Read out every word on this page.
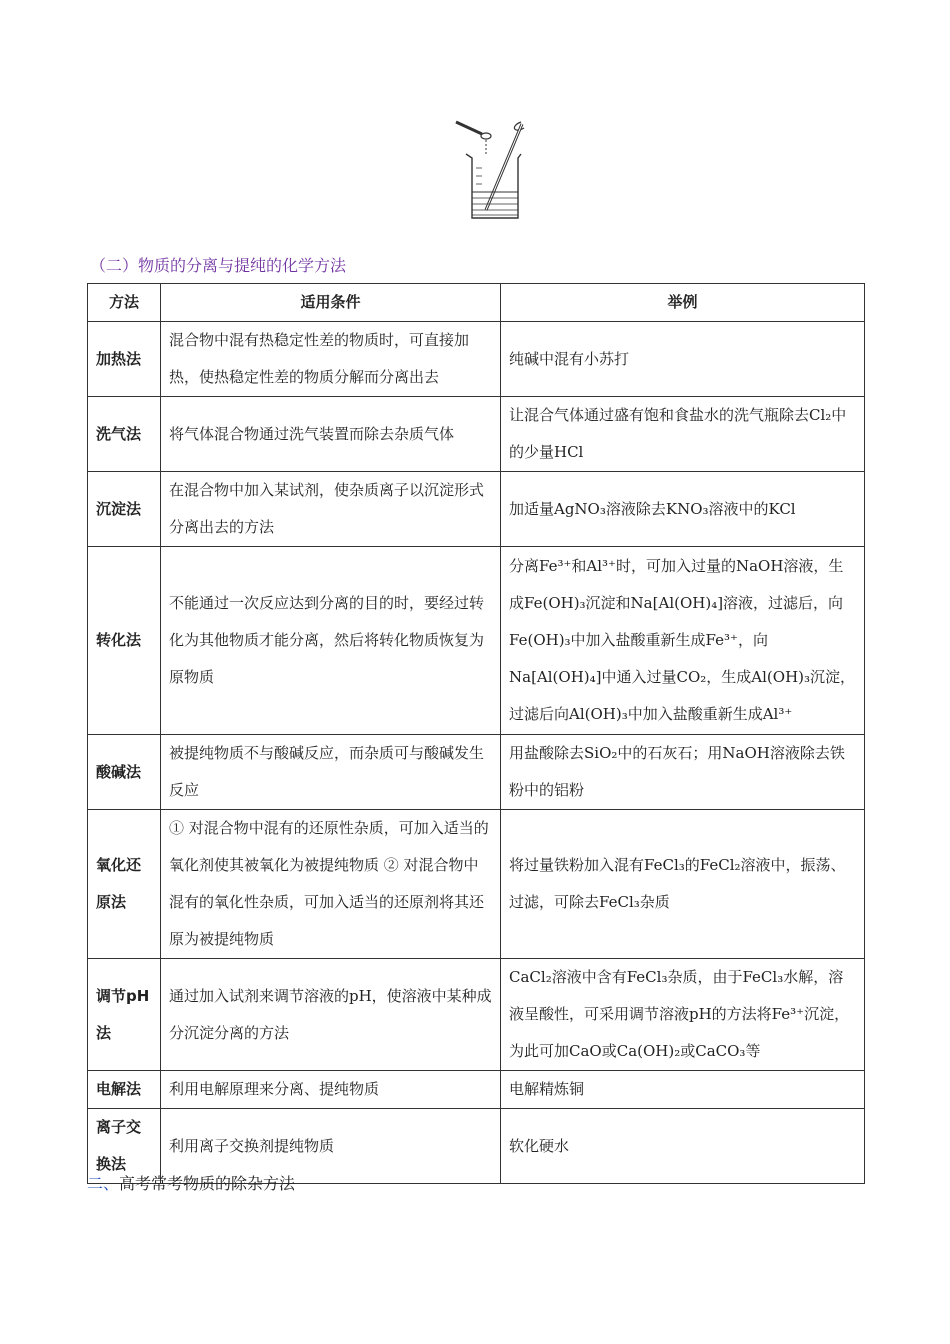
（二）物质的分离与提纯的化学方法
方法	适用条件	举例
加热法	混合物中混有热稳定性差的物质时，可直接加热，使热稳定性差的物质分解而分离出去	纯碱中混有小苏打
洗气法	将气体混合物通过洗气装置而除去杂质气体	让混合气体通过盛有饱和食盐水的洗气瓶除去Cl₂中的少量HCl
沉淀法	在混合物中加入某试剂，使杂质离子以沉淀形式分离出去的方法	加适量AgNO₃溶液除去KNO₃溶液中的KCl
转化法	不能通过一次反应达到分离的目的时，要经过转化为其他物质才能分离，然后将转化物质恢复为原物质	分离Fe³⁺和Al³⁺时，可加入过量的NaOH溶液，生成Fe(OH)₃沉淀和Na[Al(OH)₄]溶液，过滤后，向Fe(OH)₃中加入盐酸重新生成Fe³⁺，向Na[Al(OH)₄]中通入过量CO₂，生成Al(OH)₃沉淀，过滤后向Al(OH)₃中加入盐酸重新生成Al³⁺
酸碱法	被提纯物质不与酸碱反应，而杂质可与酸碱发生反应	用盐酸除去SiO₂中的石灰石；用NaOH溶液除去铁粉中的铝粉
氧化还原法	① 对混合物中混有的还原性杂质，可加入适当的氧化剂使其被氧化为被提纯物质 ② 对混合物中混有的氧化性杂质，可加入适当的还原剂将其还原为被提纯物质	将过量铁粉加入混有FeCl₃的FeCl₂溶液中，振荡、过滤，可除去FeCl₃杂质
调节pH法	通过加入试剂来调节溶液的pH，使溶液中某种成分沉淀分离的方法	CaCl₂溶液中含有FeCl₃杂质，由于FeCl₃水解，溶液呈酸性，可采用调节溶液pH的方法将Fe³⁺沉淀，为此可加CaO或Ca(OH)₂或CaCO₃等
电解法	利用电解原理来分离、提纯物质	电解精炼铜
离子交换法	利用离子交换剂提纯物质	软化硬水
二、高考常考物质的除杂方法
